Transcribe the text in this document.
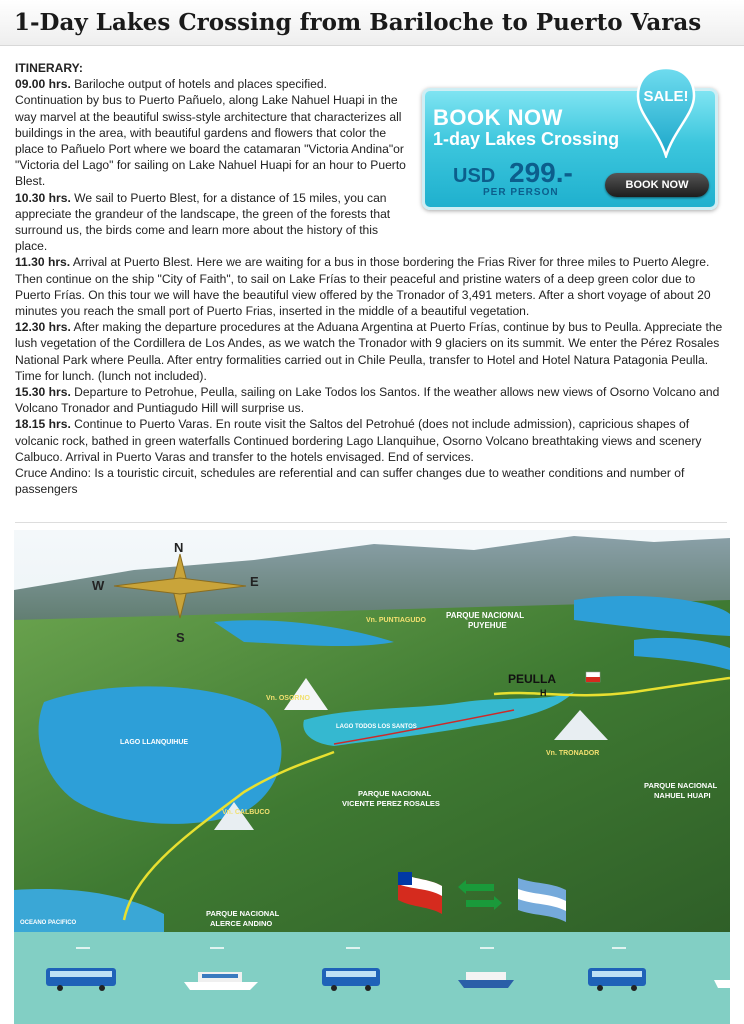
1-Day Lakes Crossing from Bariloche to Puerto Varas

ITINERARY:

09.00 hrs. Bariloche output of hotels and places specified.

Continuation by bus to Puerto Pañuelo, along Lake Nahuel Huapi in the way marvel at the beautiful swiss-style architecture that characterizes all buildings in the area, with beautiful gardens and flowers that color the place to Pañuelo Port where we board the catamaran "Victoria Andina"or "Victoria del Lago" for sailing on Lake Nahuel Huapi for an hour to Puerto Blest.

10.30 hrs. We sail to Puerto Blest, for a distance of 15 miles, you can appreciate the grandeur of the landscape, the green of the forests that surround us, the birds come and learn more about the history of this place.

11.30 hrs. Arrival at Puerto Blest. Here we are waiting for a bus in those bordering the Frias River for three miles to Puerto Alegre. Then continue on the ship "City of Faith", to sail on Lake Frías to their peaceful and pristine waters of a deep green color due to Puerto Frías. On this tour we will have the beautiful view offered by the Tronador of 3,491 meters. After a short voyage of about 20 minutes you reach the small port of Puerto Frias, inserted in the middle of a beautiful vegetation.

12.30 hrs. After making the departure procedures at the Aduana Argentina at Puerto Frías, continue by bus to Peulla. Appreciate the lush vegetation of the Cordillera de Los Andes, as we watch the Tronador with 9 glaciers on its summit. We enter the Pérez Rosales National Park where Peulla. After entry formalities carried out in Chile Peulla, transfer to Hotel and Hotel Natura Patagonia Peulla. Time for lunch. (lunch not included).

15.30 hrs. Departure to Petrohue, Peulla, sailing on Lake Todos los Santos. If the weather allows new views of Osorno Volcano and Volcano Tronador and Puntiagudo Hill will surprise us.

18.15 hrs. Continue to Puerto Varas. En route visit the Saltos del Petrohué (does not include admission), capricious shapes of volcanic rock, bathed in green waterfalls Continued bordering Lago Llanquihue, Osorno Volcano breathtaking views and scenery Calbuco. Arrival in Puerto Varas and transfer to the hotels envisaged. End of services.

Cruce Andino: Is a touristic circuit, schedules are referential and can suffer changes due to weather conditions and number of passengers

BOOK NOW
1-day Lakes Crossing
USD 299.-
PER PERSON
BOOK NOW
SALE!
N
S
E
W
PARQUE NACIONAL
PUYEHUE
Vn. PUNTIAGUDO
PEULLA
H
Vn. OSORNO
LAGO TODOS LOS SANTOS
LAGO LLANQUIHUE
Vn. TRONADOR
PARQUE NACIONAL
NAHUEL HUAPI
PARQUE NACIONAL
VICENTE PEREZ ROSALES
Vn. CALBUCO
PARQUE NACIONAL
ALERCE ANDINO
OCEANO PACIFICO
